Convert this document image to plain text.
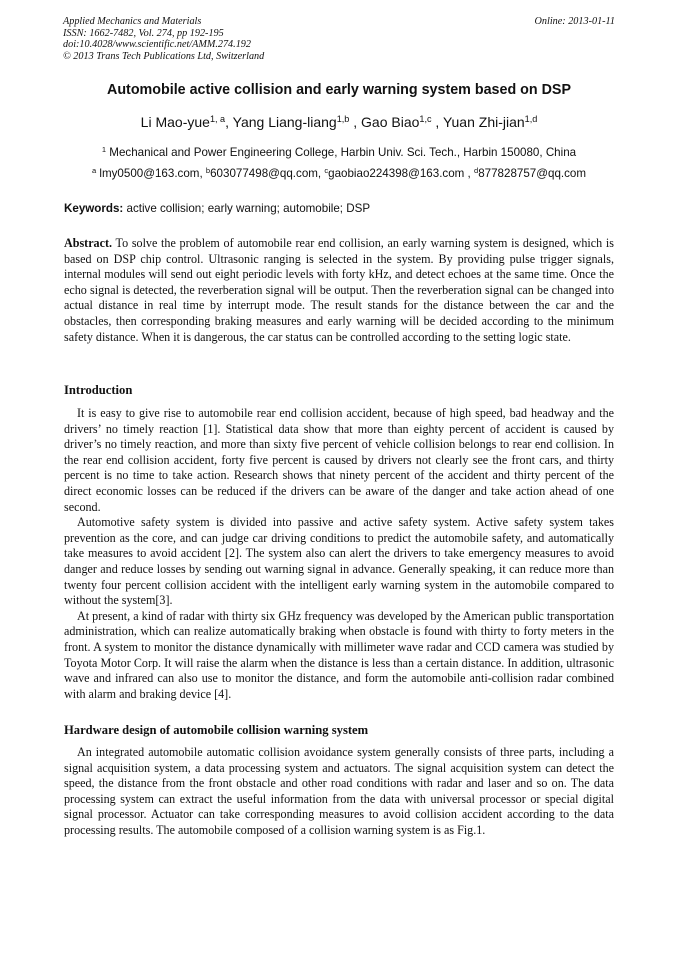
Applied Mechanics and Materials
ISSN: 1662-7482, Vol. 274, pp 192-195
doi:10.4028/www.scientific.net/AMM.274.192
© 2013 Trans Tech Publications Ltd, Switzerland
Online: 2013-01-11
Automobile active collision and early warning system based on DSP
Li Mao-yue$^{1, a}$, Yang Liang-liang$^{1,b}$ , Gao Biao$^{1,c}$ , Yuan Zhi-jian$^{1,d}$
$^1$ Mechanical and Power Engineering College, Harbin Univ. Sci. Tech., Harbin 150080, China
$^a$ lmy0500@163.com, $^b$603077498@qq.com, $^c$gaobiao224398@163.com , $^d$877828757@qq.com
Keywords: active collision; early warning; automobile; DSP
Abstract. To solve the problem of automobile rear end collision, an early warning system is designed, which is based on DSP chip control. Ultrasonic ranging is selected in the system. By providing pulse trigger signals, internal modules will send out eight periodic levels with forty kHz, and detect echoes at the same time. Once the echo signal is detected, the reverberation signal will be output. Then the reverberation signal can be changed into actual distance in real time by interrupt mode. The result stands for the distance between the car and the obstacles, then corresponding braking measures and early warning will be decided according to the minimum safety distance. When it is dangerous, the car status can be controlled according to the setting logic state.
Introduction

It is easy to give rise to automobile rear end collision accident, because of high speed, bad headway and the drivers’ no timely reaction [1]. Statistical data show that more than eighty percent of accident is caused by driver’s no timely reaction, and more than sixty five percent of vehicle collision belongs to rear end collision. In the rear end collision accident, forty five percent is caused by drivers not clearly see the front cars, and thirty percent is no time to take action. Research shows that ninety percent of the accident and thirty percent of the direct economic losses can be reduced if the drivers can be aware of the danger and take action ahead of one second.

Automotive safety system is divided into passive and active safety system. Active safety system takes prevention as the core, and can judge car driving conditions to predict the automobile safety, and automatically take measures to avoid accident [2]. The system also can alert the drivers to take emergency measures to avoid danger and reduce losses by sending out warning signal in advance. Generally speaking, it can reduce more than twenty four percent collision accident with the intelligent early warning system in the automobile compared to without the system[3].

At present, a kind of radar with thirty six GHz frequency was developed by the American public transportation administration, which can realize automatically braking when obstacle is found with thirty to forty meters in the front. A system to monitor the distance dynamically with millimeter wave radar and CCD camera was studied by Toyota Motor Corp. It will raise the alarm when the distance is less than a certain distance. In addition, ultrasonic wave and infrared can also use to monitor the distance, and form the automobile anti-collision radar combined with alarm and braking device [4].

Hardware design of automobile collision warning system

An integrated automobile automatic collision avoidance system generally consists of three parts, including a signal acquisition system, a data processing system and actuators. The signal acquisition system can detect the speed, the distance from the front obstacle and other road conditions with radar and laser and so on. The data processing system can extract the useful information from the data with universal processor or special digital signal processor. Actuator can take corresponding measures to avoid collision accident according to the data processing results. The automobile composed of a collision warning system is as Fig.1.
